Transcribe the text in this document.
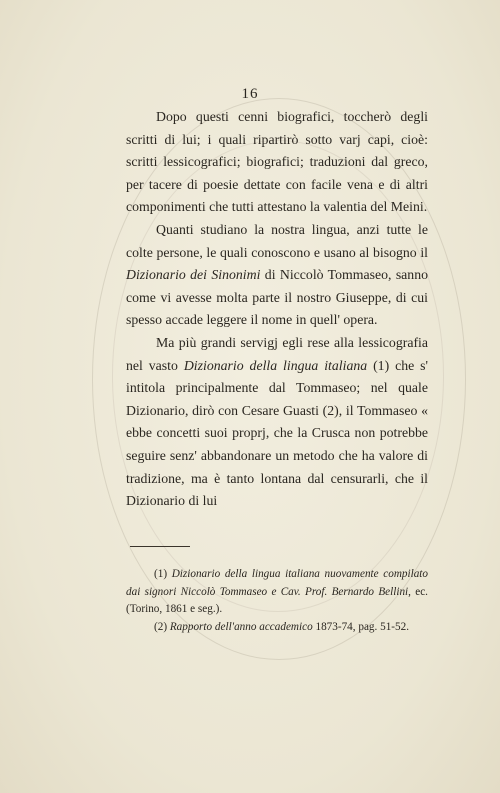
16

Dopo questi cenni biografici, toccherò degli scritti di lui; i quali ripartirò sotto varj capi, cioè: scritti lessicografici; biografici; traduzioni dal greco, per tacere di poesie dettate con facile vena e di altri componimenti che tutti attestano la valentia del Meini.

Quanti studiano la nostra lingua, anzi tutte le colte persone, le quali conoscono e usano al bisogno il Dizionario dei Sinonimi di Niccolò Tommaseo, sanno come vi avesse molta parte il nostro Giuseppe, di cui spesso accade leggere il nome in quell' opera.

Ma più grandi servigj egli rese alla lessicografia nel vasto Dizionario della lingua italiana (1) che s' intitola principalmente dal Tommaseo; nel quale Dizionario, dirò con Cesare Guasti (2), il Tommaseo « ebbe concetti suoi proprj, che la Crusca non potrebbe seguire senz' abbandonare un metodo che ha valore di tradizione, ma è tanto lontana dal censurarli, che il Dizionario di lui

(1) Dizionario della lingua italiana nuovamente compilato dai signori Niccolò Tommaseo e Cav. Prof. Bernardo Bellini, ec. (Torino, 1861 e seg.).

(2) Rapporto dell'anno accademico 1873-74, pag. 51-52.
